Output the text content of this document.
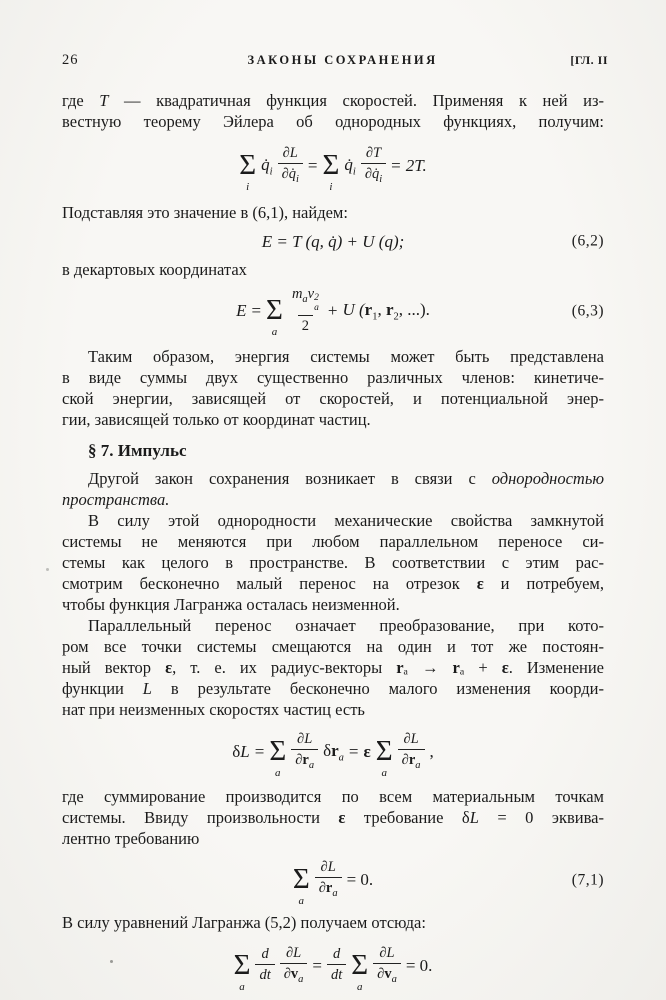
26	ЗАКОНЫ СОХРАНЕНИЯ	[ГЛ. II
где T — квадратичная функция скоростей. Применяя к ней из-
вестную теорему Эйлера об однородных функциях, получим:
Σ
i
$q̇_i \frac{\partial L}{\partial q̇_i} = \Sigma$
i
$q̇_i \frac{\partial T}{\partial q̇_i} = 2T$.
Подставляя это значение в (6,1), найдем:
E = T (q, q̇) + U (q);	(6,2)
в декартовых координатах
E = Σ
a
$m_av$ 2
a
2
+ U ($r_1$, $r_2$, ...).	(6,3)
Таким образом, энергия системы может быть представлена
в виде суммы двух существенно различных членов: кинетиче-
ской энергии, зависящей от скоростей, и потенциальной энер-
гии, зависящей только от координат частиц.
§ 7. Импульс
Другой закон сохранения возникает в связи с однородностью
пространства.
В силу этой однородности механические свойства замкнутой
системы не меняются при любом параллельном переносе си-
стемы как целого в пространстве. В соответствии с этим рас-
смотрим бесконечно малый перенос на отрезок ε и потребуем,
чтобы функция Лагранжа осталась неизменной.
Параллельный перенос означает преобразование, при кото-
ром все точки системы смещаются на один и тот же постоян-
ный вектор ε, т. е. их радиус-векторы rₐ → rₐ + ε. Изменение
функции L в результате бесконечно малого изменения коорди-
нат при неизменных скоростях частиц есть
δL = Σ
a
∂L
$\partial r_a$
$\delta r_a = \varepsilon$ Σ
a
∂L
$\partial r_a$
,
где суммирование производится по всем материальным точкам
системы. Ввиду произвольности ε требование δL = 0 эквива-
лентно требованию
Σ
a
$\frac{\partial L}{\partial r_a} = 0$.	(7,1)
В силу уравнений Лагранжа (5,2) получаем отсюда:
Σ
a
d
dt $\frac{\partial L}{\partial v_a} = \frac{d}{dt}$ Σ
a
$\frac{\partial L}{\partial v_a} = 0$.
